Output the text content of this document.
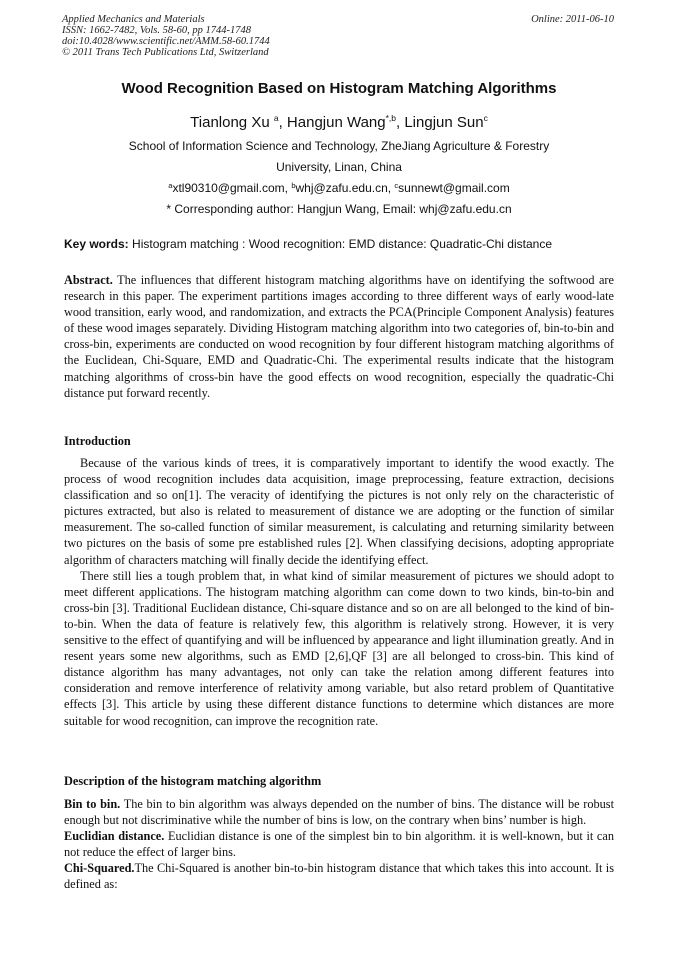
Applied Mechanics and Materials
ISSN: 1662-7482, Vols. 58-60, pp 1744-1748
doi:10.4028/www.scientific.net/AMM.58-60.1744
© 2011 Trans Tech Publications Ltd, Switzerland
Online: 2011-06-10
Wood Recognition Based on Histogram Matching Algorithms
Tianlong Xu $^a$, Hangjun Wang$^{*,b}$, Lingjun Sun$^c$
School of Information Science and Technology, ZheJiang Agriculture & Forestry
University, Linan, China
$^a$xtl90310@gmail.com, $^b$whj@zafu.edu.cn, $^c$sunnewt@gmail.com
* Corresponding author: Hangjun Wang, Email: whj@zafu.edu.cn
Key words: Histogram matching : Wood recognition: EMD distance: Quadratic-Chi distance

Abstract. The influences that different histogram matching algorithms have on identifying the softwood are research in this paper. The experiment partitions images according to three different ways of early wood-late wood transition, early wood, and randomization, and extracts the PCA(Principle Component Analysis) features of these wood images separately. Dividing Histogram matching algorithm into two categories of, bin-to-bin and cross-bin, experiments are conducted on wood recognition by four different histogram matching algorithms of the Euclidean, Chi-Square, EMD and Quadratic-Chi. The experimental results indicate that the histogram matching algorithms of cross-bin have the good effects on wood recognition, especially the quadratic-Chi distance put forward recently.

Introduction

Because of the various kinds of trees, it is comparatively important to identify the wood exactly. The process of wood recognition includes data acquisition, image preprocessing, feature extraction, decisions classification and so on[1]. The veracity of identifying the pictures is not only rely on the characteristic of pictures extracted, but also is related to measurement of distance we are adopting or the function of similar measurement. The so-called function of similar measurement, is calculating and returning similarity between two pictures on the basis of some pre established rules [2]. When classifying decisions, adopting appropriate algorithm of characters matching will finally decide the identifying effect.

There still lies a tough problem that, in what kind of similar measurement of pictures we should adopt to meet different applications. The histogram matching algorithm can come down to two kinds, bin-to-bin and cross-bin [3]. Traditional Euclidean distance, Chi-square distance and so on are all belonged to the kind of bin-to-bin. When the data of feature is relatively few, this algorithm is relatively strong. However, it is very sensitive to the effect of quantifying and will be influenced by appearance and light illumination greatly. And in resent years some new algorithms, such as EMD [2,6],QF [3] are all belonged to cross-bin. This kind of distance algorithm has many advantages, not only can take the relation among different features into consideration and remove interference of relativity among variable, but also retard problem of Quantitative effects [3]. This article by using these different distance functions to determine which distances are more suitable for wood recognition, can improve the recognition rate.

Description of the histogram matching algorithm

Bin to bin. The bin to bin algorithm was always depended on the number of bins. The distance will be robust enough but not discriminative while the number of bins is low, on the contrary when bins’ number is high.

Euclidian distance. Euclidian distance is one of the simplest bin to bin algorithm. it is well-known, but it can not reduce the effect of larger bins.

Chi-Squared.The Chi-Squared is another bin-to-bin histogram distance that which takes this into account. It is defined as:
